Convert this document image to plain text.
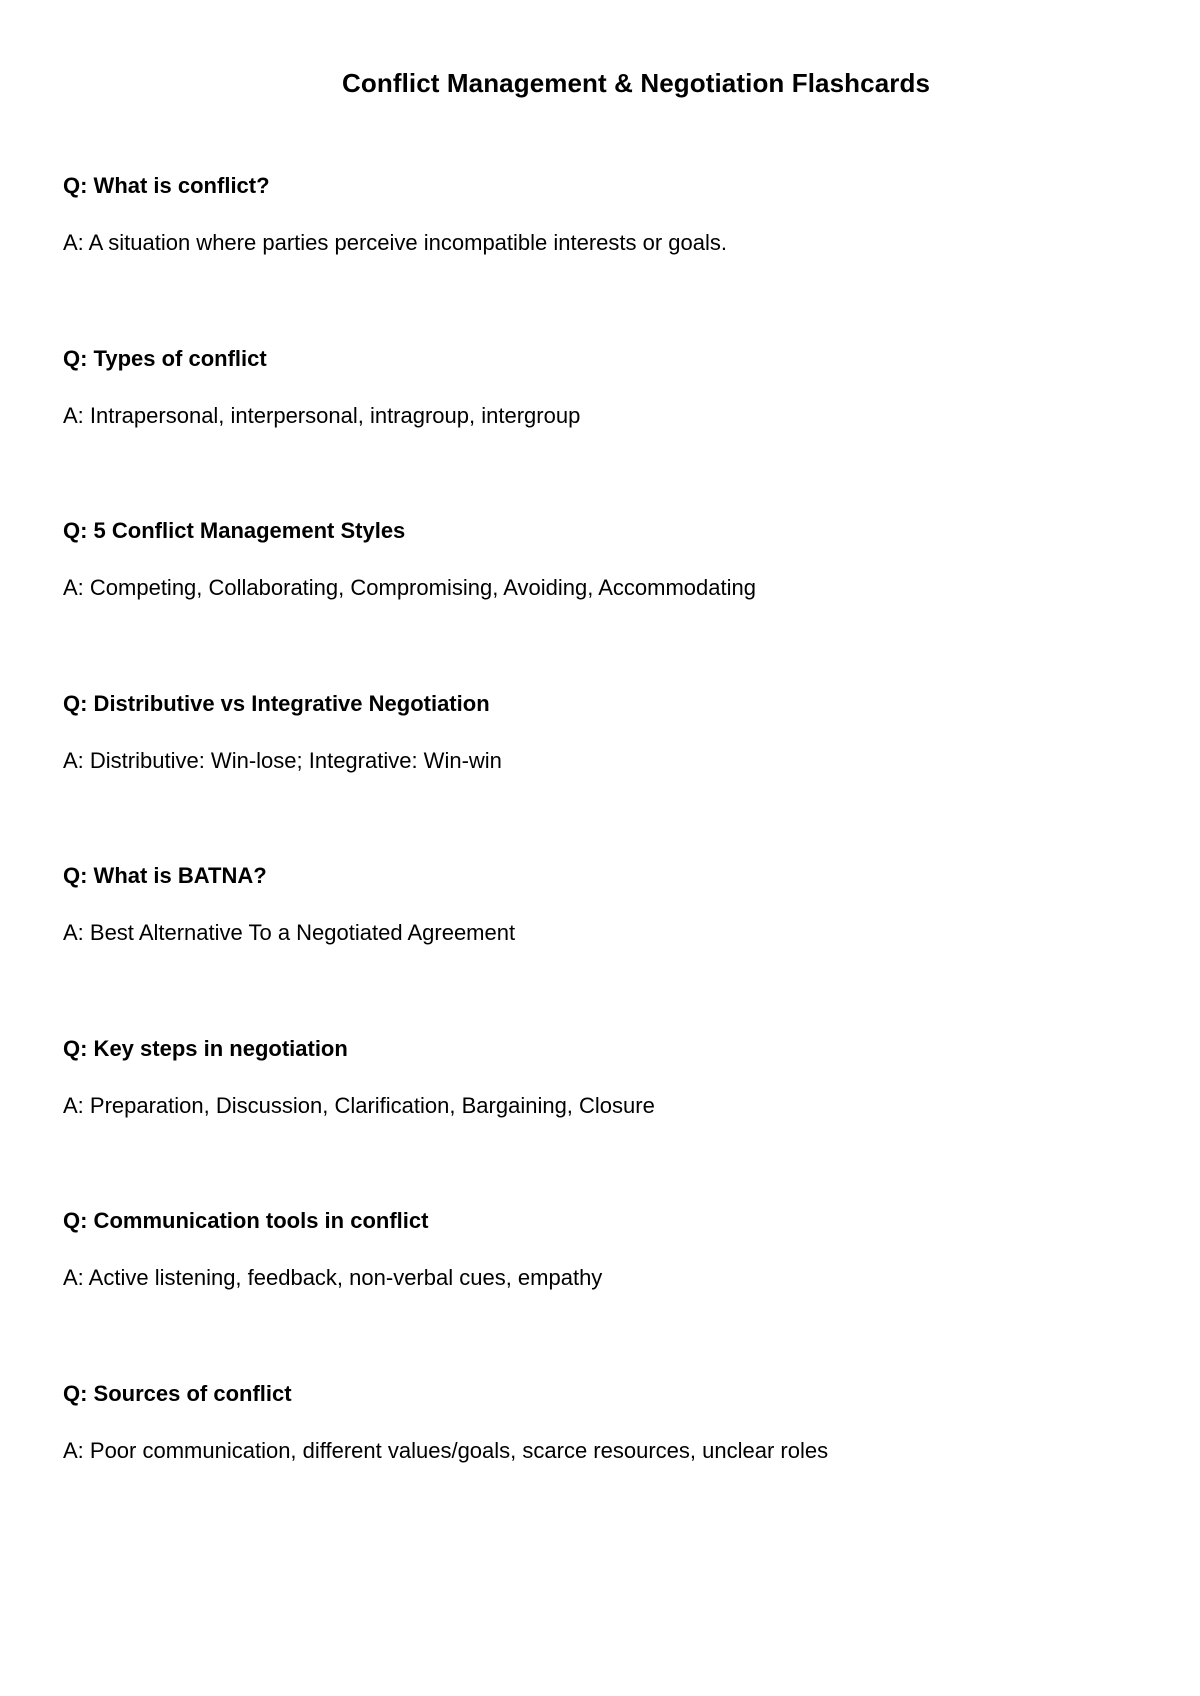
Conflict Management & Negotiation Flashcards

Q: What is conflict?

A: A situation where parties perceive incompatible interests or goals.

Q: Types of conflict

A: Intrapersonal, interpersonal, intragroup, intergroup

Q: 5 Conflict Management Styles

A: Competing, Collaborating, Compromising, Avoiding, Accommodating

Q: Distributive vs Integrative Negotiation

A: Distributive: Win-lose; Integrative: Win-win

Q: What is BATNA?

A: Best Alternative To a Negotiated Agreement

Q: Key steps in negotiation

A: Preparation, Discussion, Clarification, Bargaining, Closure

Q: Communication tools in conflict

A: Active listening, feedback, non-verbal cues, empathy

Q: Sources of conflict

A: Poor communication, different values/goals, scarce resources, unclear roles
